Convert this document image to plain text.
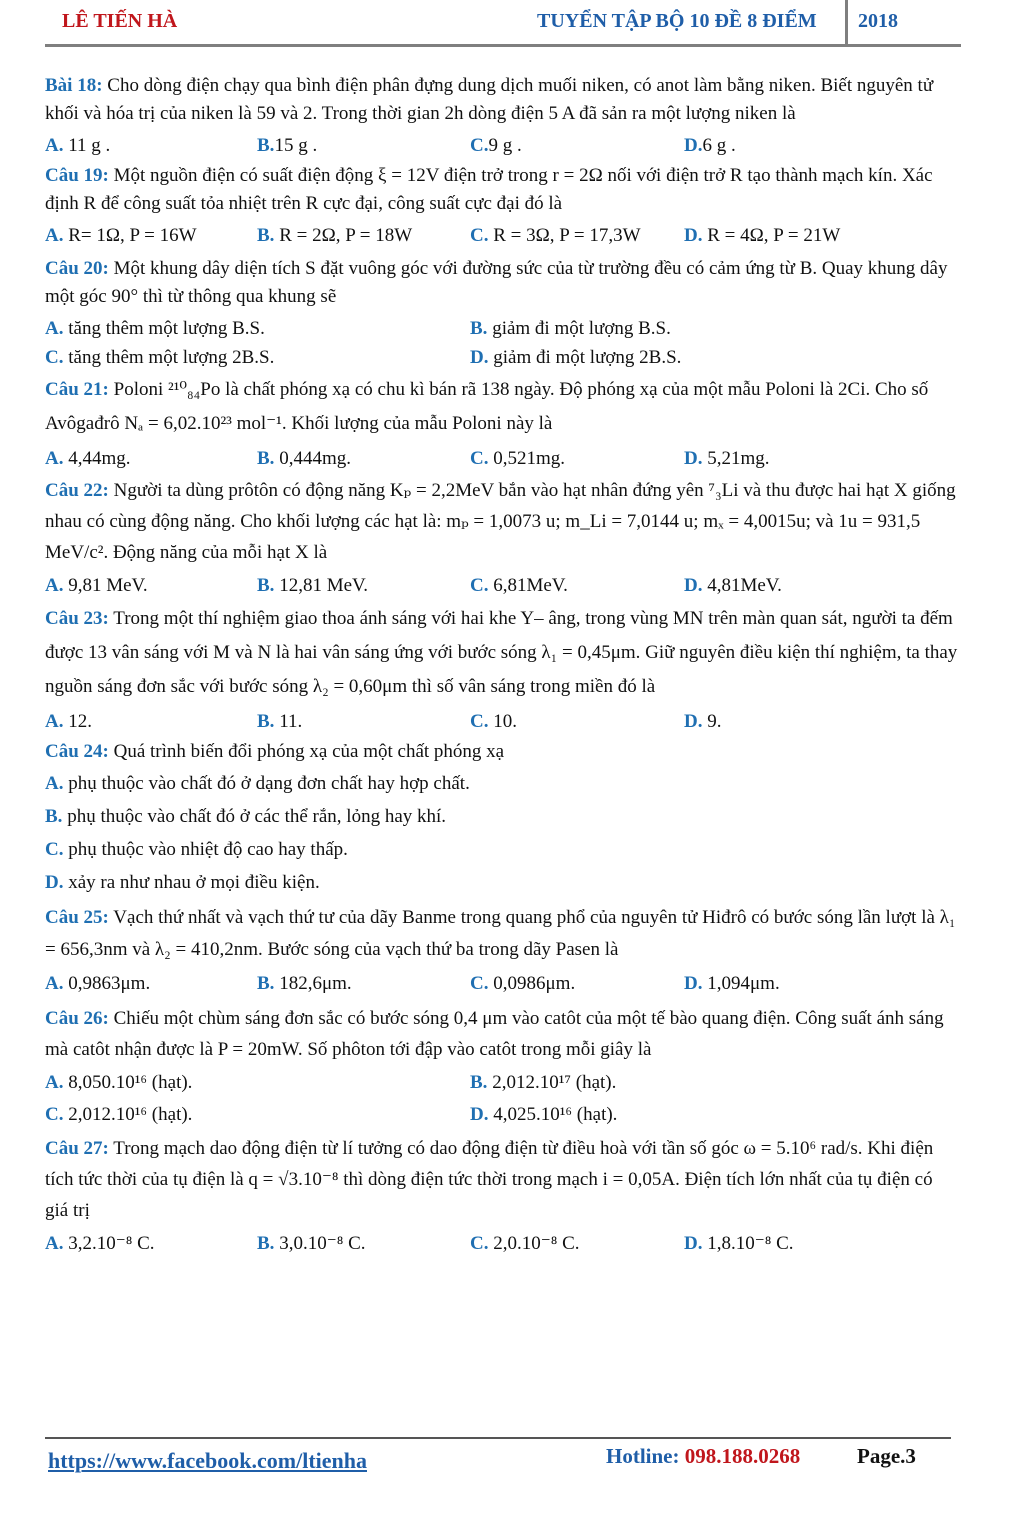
LÊ TIẾN HÀ	TUYỂN TẬP BỘ 10 ĐỀ 8 ĐIỂM 2018
Bài 18: Cho dòng điện chạy qua bình điện phân đựng dung dịch muối niken, có anot làm bằng niken. Biết nguyên tử khối và hóa trị của niken là 59 và 2. Trong thời gian 2h dòng điện 5 A đã sản ra một lượng niken là
A. 11 g .	B.15 g .	C.9 g .	D.6 g .
Câu 19: Một nguồn điện có suất điện động ξ = 12V điện trở trong r = 2Ω nối với điện trở R tạo thành mạch kín. Xác định R để công suất tỏa nhiệt trên R cực đại, công suất cực đại đó là
A. R= 1Ω, P = 16W	B. R = 2Ω, P = 18W	C. R = 3Ω, P = 17,3W D. R = 4Ω, P = 21W
Câu 20: Một khung dây diện tích S đặt vuông góc với đường sức của từ trường đều có cảm ứng từ B. Quay khung dây một góc 90° thì từ thông qua khung sẽ
A. tăng thêm một lượng B.S.	B. giảm đi một lượng B.S.
C. tăng thêm một lượng 2B.S.	D. giảm đi một lượng 2B.S.
Câu 21: Poloni ²¹⁰₈₄Po là chất phóng xạ có chu kì bán rã 138 ngày. Độ phóng xạ của một mẫu Poloni là 2Ci. Cho số Avôgađrô Nₐ = 6,02.10²³ mol⁻¹. Khối lượng của mẫu Poloni này là
A. 4,44mg.	B. 0,444mg.	C. 0,521mg.	D. 5,21mg.
Câu 22: Người ta dùng prôtôn có động năng Kₚ = 2,2MeV bắn vào hạt nhân đứng yên ⁷₃Li và thu được hai hạt X giống nhau có cùng động năng. Cho khối lượng các hạt là: mₚ = 1,0073 u; m_Li = 7,0144 u; mₓ = 4,0015u; và 1u = 931,5 MeV/c². Động năng của mỗi hạt X là
A. 9,81 MeV.	B. 12,81 MeV.	C. 6,81MeV.	D. 4,81MeV.
Câu 23: Trong một thí nghiệm giao thoa ánh sáng với hai khe Y– âng, trong vùng MN trên màn quan sát, người ta đếm được 13 vân sáng với M và N là hai vân sáng ứng với bước sóng λ₁ = 0,45μm. Giữ nguyên điều kiện thí nghiệm, ta thay nguồn sáng đơn sắc với bước sóng λ₂ = 0,60μm thì số vân sáng trong miền đó là
A. 12.	B. 11.	C. 10.	D. 9.
Câu 24: Quá trình biến đổi phóng xạ của một chất phóng xạ
A. phụ thuộc vào chất đó ở dạng đơn chất hay hợp chất.
B. phụ thuộc vào chất đó ở các thể rắn, lỏng hay khí.
C. phụ thuộc vào nhiệt độ cao hay thấp.
D. xảy ra như nhau ở mọi điều kiện.
Câu 25: Vạch thứ nhất và vạch thứ tư của dãy Banme trong quang phổ của nguyên tử Hiđrô có bước sóng lần lượt là λ₁ = 656,3nm và λ₂ = 410,2nm. Bước sóng của vạch thứ ba trong dãy Pasen là
A. 0,9863μm.	B. 182,6μm.	C. 0,0986μm.	D. 1,094μm.
Câu 26: Chiếu một chùm sáng đơn sắc có bước sóng 0,4 μm vào catôt của một tế bào quang điện. Công suất ánh sáng mà catôt nhận được là P = 20mW. Số phôton tới đập vào catôt trong mỗi giây là
A. 8,050.10¹⁶ (hạt).	B. 2,012.10¹⁷ (hạt).
C. 2,012.10¹⁶ (hạt).	D. 4,025.10¹⁶ (hạt).
Câu 27: Trong mạch dao động điện từ lí tưởng có dao động điện từ điều hoà với tần số góc ω = 5.10⁶ rad/s. Khi điện tích tức thời của tụ điện là q = √3.10⁻⁸ thì dòng điện tức thời trong mạch i = 0,05A. Điện tích lớn nhất của tụ điện có giá trị
A. 3,2.10⁻⁸ C.	B. 3,0.10⁻⁸ C.	C. 2,0.10⁻⁸ C.	D. 1,8.10⁻⁸ C.
https://www.facebook.com/ltienha	Hotline: 098.188.0268	Page.3
